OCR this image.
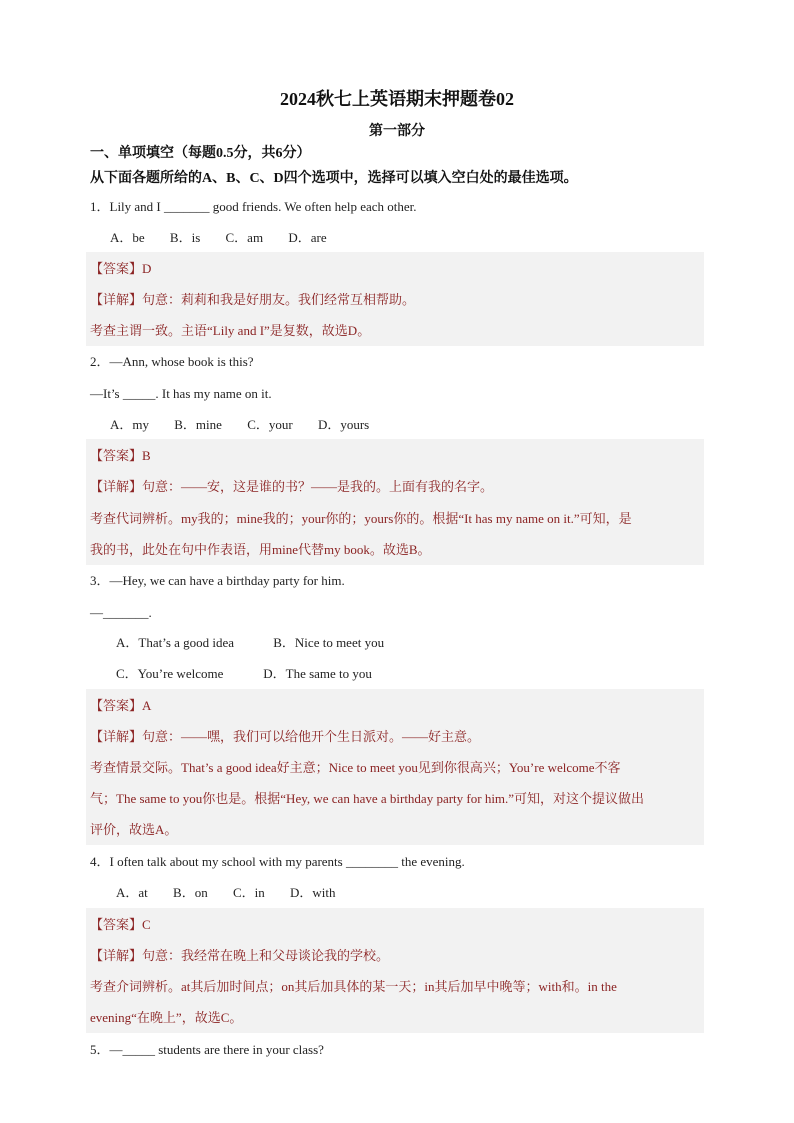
2024秋七上英语期末押题卷02
第一部分
一、单项填空（每题0.5分，共6分）
从下面各题所给的A、B、C、D四个选项中，选择可以填入空白处的最佳选项。
1．Lily and I _______ good friends. We often help each other.
A．be B．is C．am D．are
【答案】D
【详解】句意：莉莉和我是好朋友。我们经常互相帮助。
考查主谓一致。主语“Lily and I”是复数，故选D。
2．—Ann, whose book is this?
—It’s _____. It has my name on it.
A．my B．mine C．your D．yours
【答案】B
【详解】句意：——安，这是谁的书？——是我的。上面有我的名字。
考查代词辨析。my我的；mine我的；your你的；yours你的。根据“It has my name on it.”可知，是
我的书，此处在句中作表语，用mine代替my book。故选B。
3．—Hey, we can have a birthday party for him.
—_______.
A．That’s a good idea	B．Nice to meet you
C．You’re welcome	D．The same to you
【答案】A
【详解】句意：——嘿，我们可以给他开个生日派对。——好主意。
考查情景交际。That’s a good idea好主意；Nice to meet you见到你很高兴；You’re welcome不客
气；The same to you你也是。根据“Hey, we can have a birthday party for him.”可知，对这个提议做出
评价，故选A。
4．I often talk about my school with my parents ________ the evening.
A．at B．on C．in D．with
【答案】C
【详解】句意：我经常在晚上和父母谈论我的学校。
考查介词辨析。at其后加时间点；on其后加具体的某一天；in其后加早中晚等；with和。in the
evening“在晚上”，故选C。
5．—_____ students are there in your class?
